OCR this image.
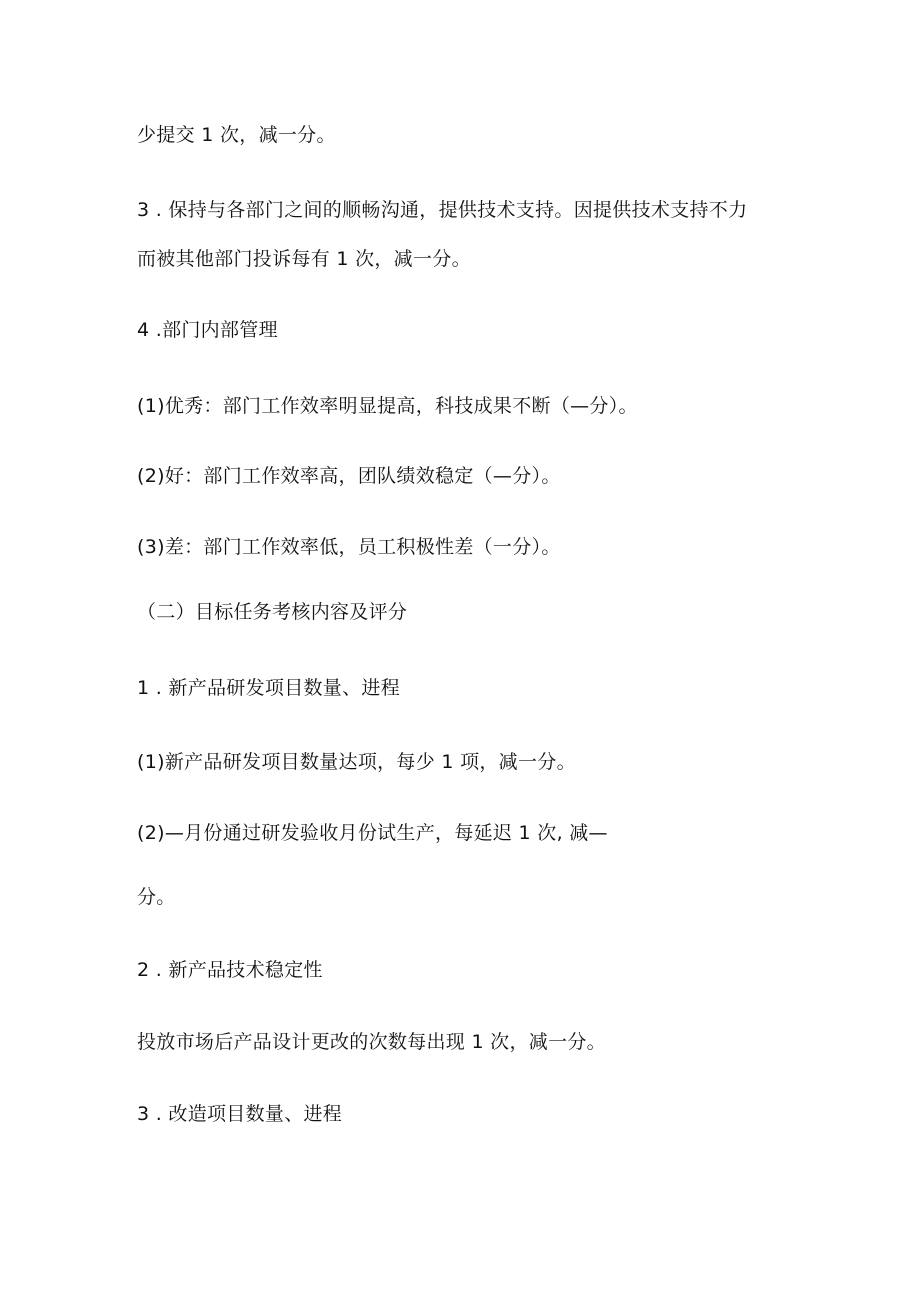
少提交 1 次，减一分。
3 . 保持与各部门之间的顺畅沟通，提供技术支持。因提供技术支持不力
而被其他部门投诉每有 1 次，减一分。
4 .部门内部管理
(1)优秀：部门工作效率明显提高，科技成果不断（—分）。
(2)好：部门工作效率高，团队绩效稳定（—分）。
(3)差：部门工作效率低，员工积极性差（一分）。
（二）目标任务考核内容及评分
1 . 新产品研发项目数量、进程
(1)新产品研发项目数量达项，每少 1 项，减一分。
(2)—月份通过研发验收月份试生产，每延迟 1 次, 减—
分。
2 . 新产品技术稳定性
投放市场后产品设计更改的次数每出现 1 次，减一分。
3 . 改造项目数量、进程
